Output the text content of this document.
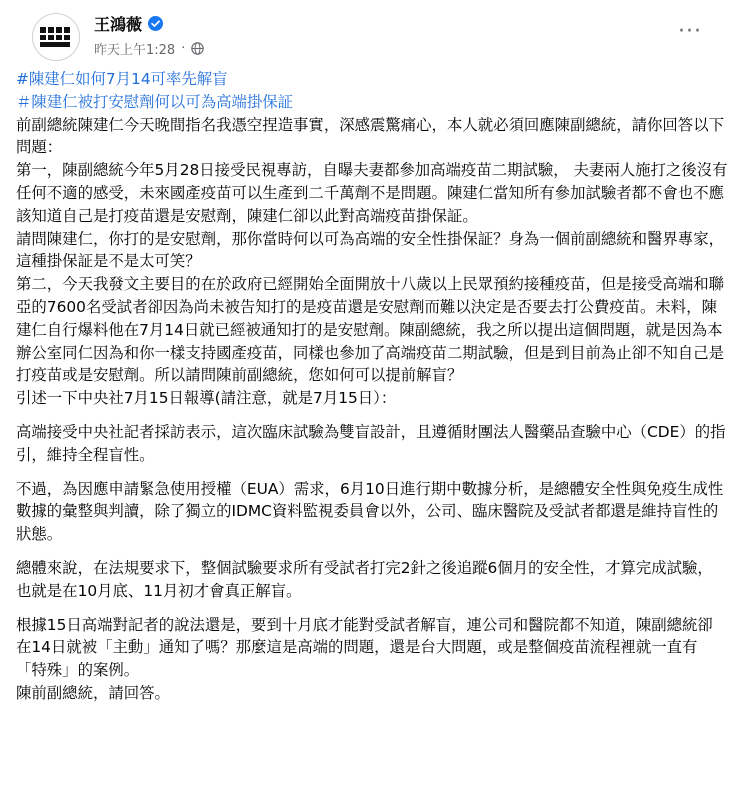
王鴻薇
昨天上午1:28 ·
···
#陳建仁如何7月14可率先解盲
＃陳建仁被打安慰劑何以可為高端掛保証
前副總統陳建仁今天晚間指名我憑空捏造事實，深感震驚痛心，本人就必須回應陳副總統，請你回答以下問題：
第一，陳副總統今年5月28日接受民視專訪，自曝夫妻都參加高端疫苗二期試驗， 夫妻兩人施打之後沒有任何不適的感受，未來國產疫苗可以生產到二千萬劑不是問題。陳建仁當知所有參加試驗者都不會也不應該知道自己是打疫苗還是安慰劑，陳建仁卻以此對高端疫苗掛保証。
請問陳建仁，你打的是安慰劑，那你當時何以可為高端的安全性掛保証？身為一個前副總統和醫界專家，這種掛保証是不是太可笑？
第二，今天我發文主要目的在於政府已經開始全面開放十八歲以上民眾預約接種疫苗，但是接受高端和聯亞的7600名受試者卻因為尚未被告知打的是疫苗還是安慰劑而難以決定是否要去打公費疫苗。未料，陳建仁自行爆料他在7月14日就已經被通知打的是安慰劑。陳副總統，我之所以提出這個問題，就是因為本辦公室同仁因為和你一樣支持國產疫苗，同樣也參加了高端疫苗二期試驗，但是到目前為止卻不知自己是打疫苗或是安慰劑。所以請問陳前副總統，您如何可以提前解盲？
引述一下中央社7月15日報導(請注意，就是7月15日）：
高端接受中央社記者採訪表示，這次臨床試驗為雙盲設計，且遵循財團法人醫藥品查驗中心（CDE）的指引，維持全程盲性。
不過，為因應申請緊急使用授權（EUA）需求，6月10日進行期中數據分析，是總體安全性與免疫生成性數據的彙整與判讀，除了獨立的IDMC資料監視委員會以外，公司、臨床醫院及受試者都還是維持盲性的狀態。
總體來說，在法規要求下，整個試驗要求所有受試者打完2針之後追蹤6個月的安全性，才算完成試驗，也就是在10月底、11月初才會真正解盲。
根據15日高端對記者的說法還是，要到十月底才能對受試者解盲，連公司和醫院都不知道，陳副總統卻在14日就被「主動」通知了嗎？那麼這是高端的問題，還是台大問題，或是整個疫苗流程裡就一直有「特殊」的案例。
陳前副總統，請回答。
